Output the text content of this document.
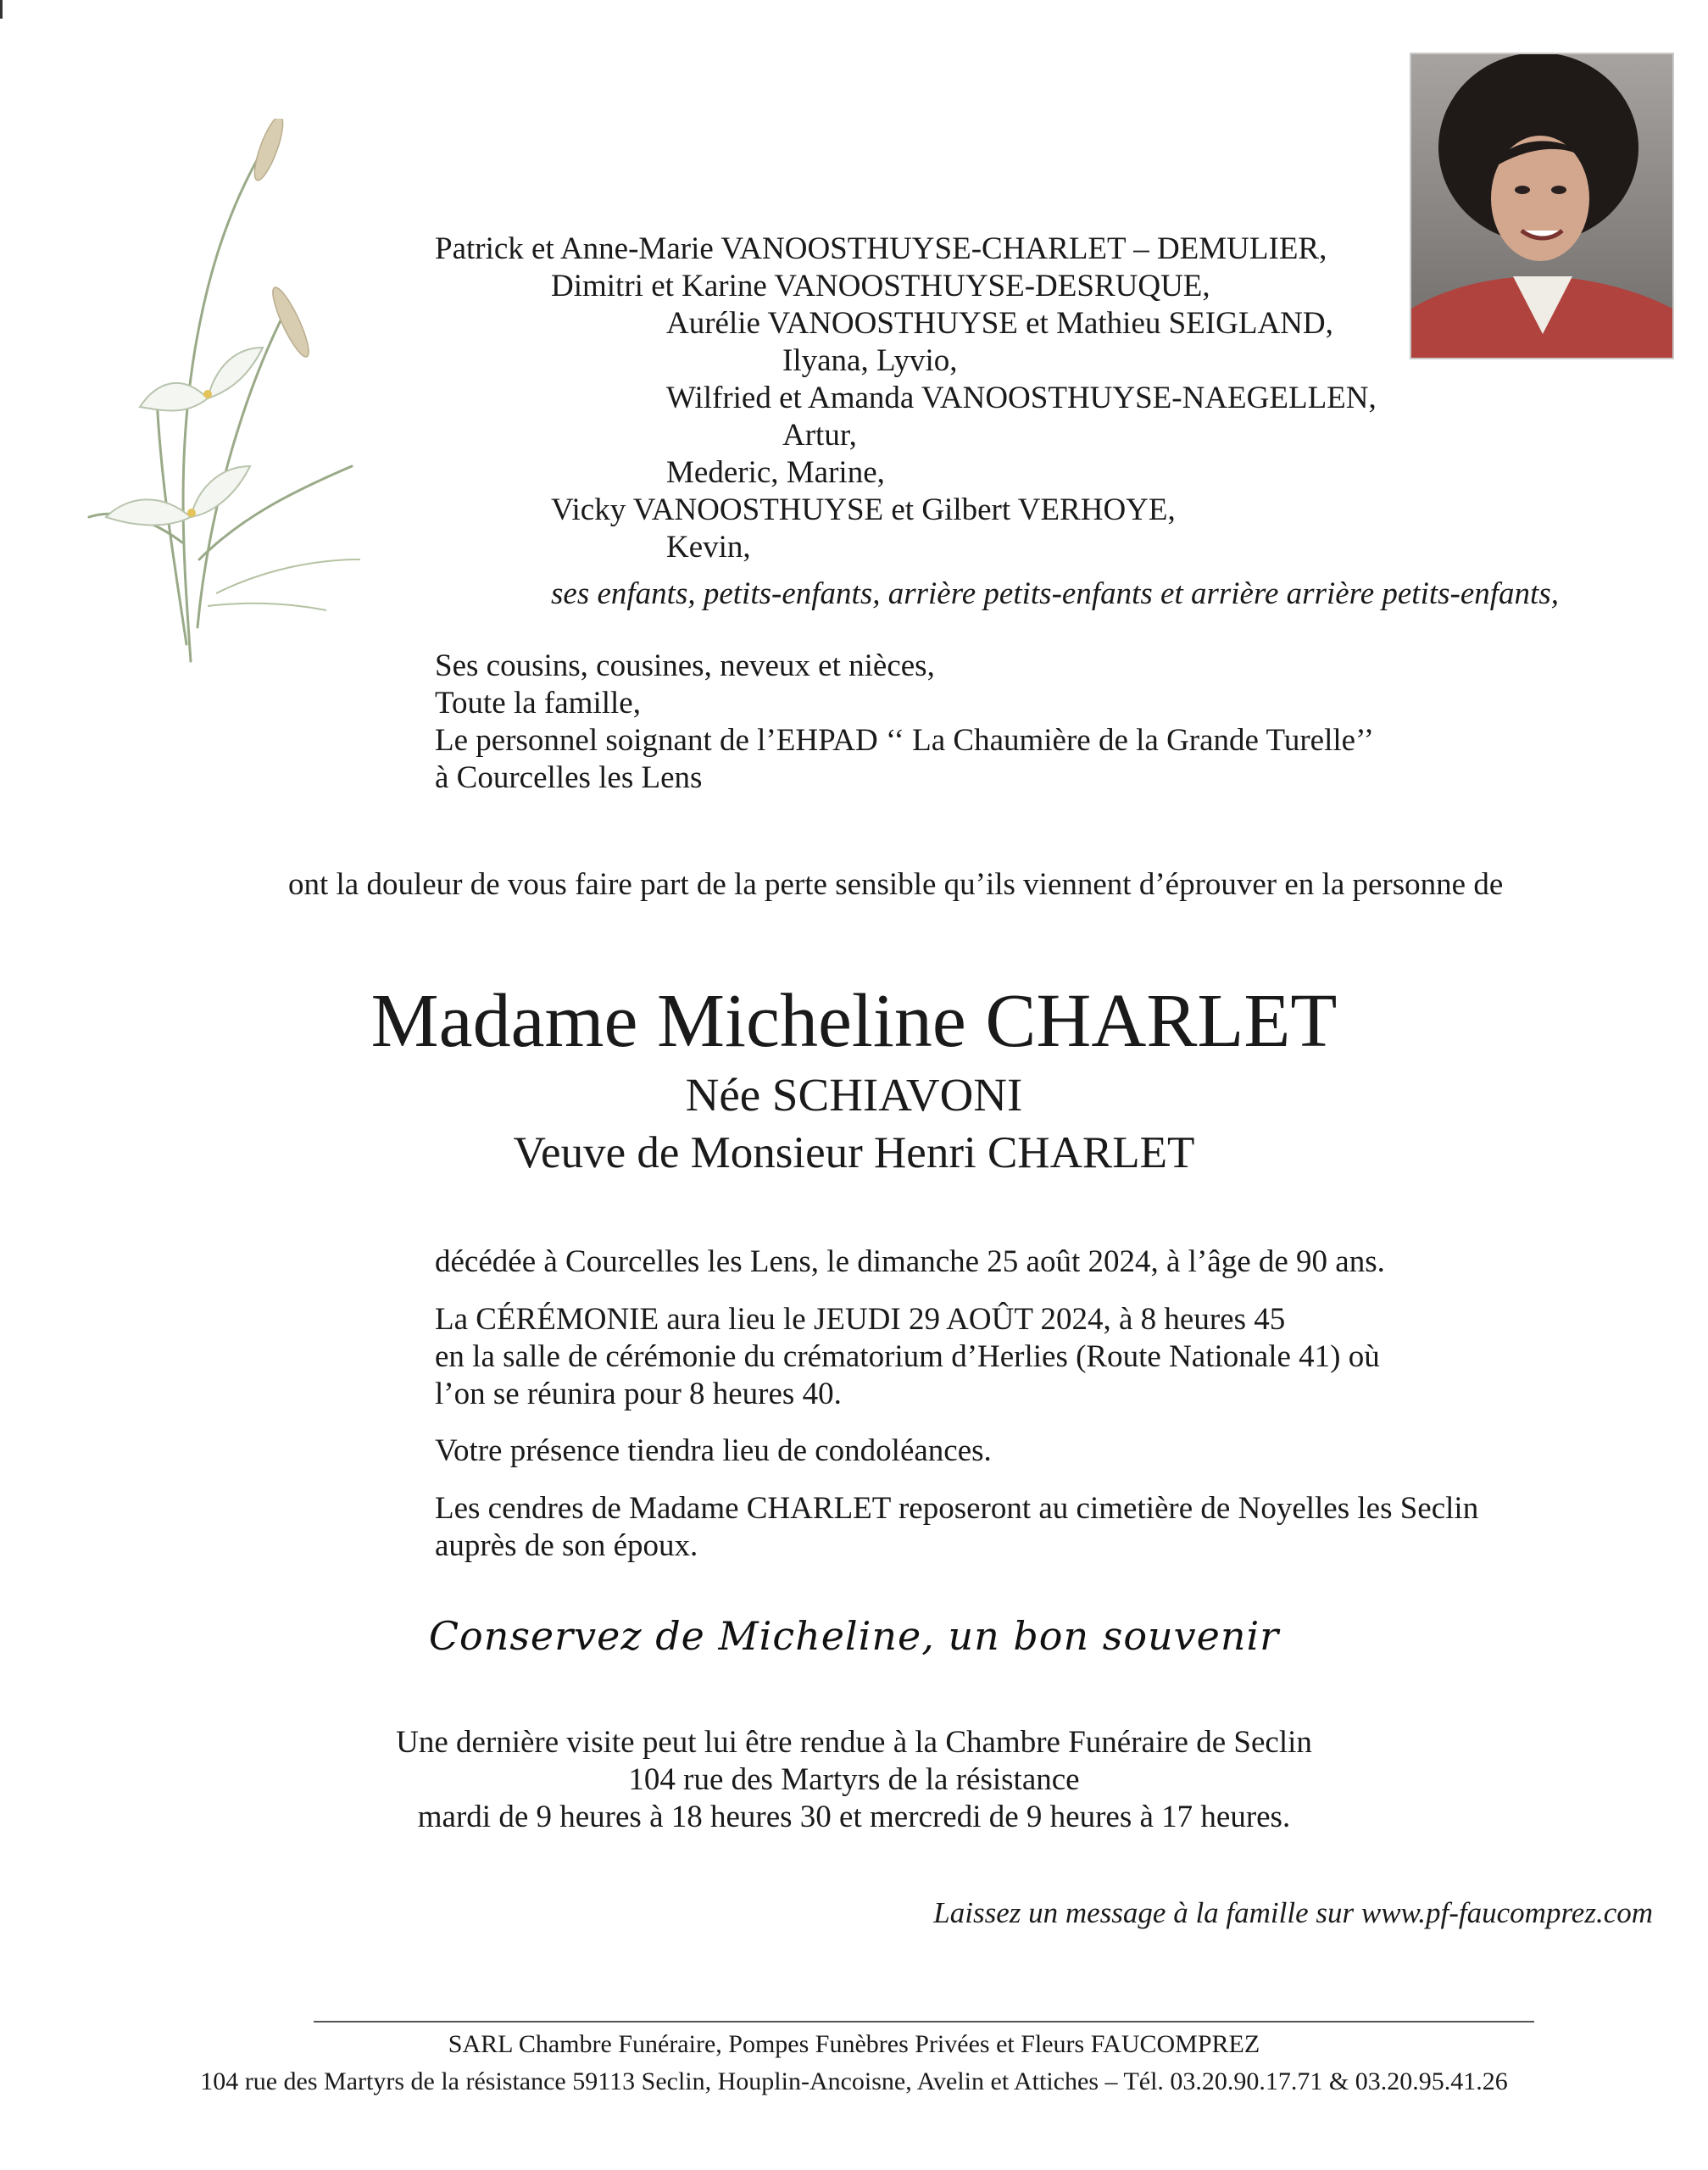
Patrick et Anne-Marie VANOOSTHUYSE-CHARLET – DEMULIER,
Dimitri et Karine VANOOSTHUYSE-DESRUQUE,
Aurélie VANOOSTHUYSE et Mathieu SEIGLAND,
Ilyana, Lyvio,
Wilfried et Amanda VANOOSTHUYSE-NAEGELLEN,
Artur,
Mederic, Marine,
Vicky VANOOSTHUYSE et Gilbert VERHOYE,
Kevin,
ses enfants, petits-enfants, arrière petits-enfants et arrière arrière petits-enfants,
Ses cousins, cousines, neveux et nièces,
Toute la famille,
Le personnel soignant de l’EHPAD ‘‘ La Chaumière de la Grande Turelle’’
à Courcelles les Lens
ont la douleur de vous faire part de la perte sensible qu’ils viennent d’éprouver en la personne de
Madame Micheline CHARLET
Née SCHIAVONI
Veuve de Monsieur Henri CHARLET
décédée à Courcelles les Lens, le dimanche 25 août 2024, à l’âge de 90 ans.
La CÉRÉMONIE aura lieu le JEUDI 29 AOÛT 2024, à 8 heures 45
en la salle de cérémonie du crématorium d’Herlies (Route Nationale 41) où
l’on se réunira pour 8 heures 40.
Votre présence tiendra lieu de condoléances.
Les cendres de Madame CHARLET reposeront au cimetière de Noyelles les Seclin
auprès de son époux.
Conservez de Micheline, un bon souvenir
Une dernière visite peut lui être rendue à la Chambre Funéraire de Seclin
104 rue des Martyrs de la résistance
mardi de 9 heures à 18 heures 30 et mercredi de 9 heures à 17 heures.
Laissez un message à la famille sur www.pf-faucomprez.com
SARL Chambre Funéraire, Pompes Funèbres Privées et Fleurs FAUCOMPREZ
104 rue des Martyrs de la résistance 59113 Seclin, Houplin-Ancoisne, Avelin et Attiches – Tél. 03.20.90.17.71 & 03.20.95.41.26
